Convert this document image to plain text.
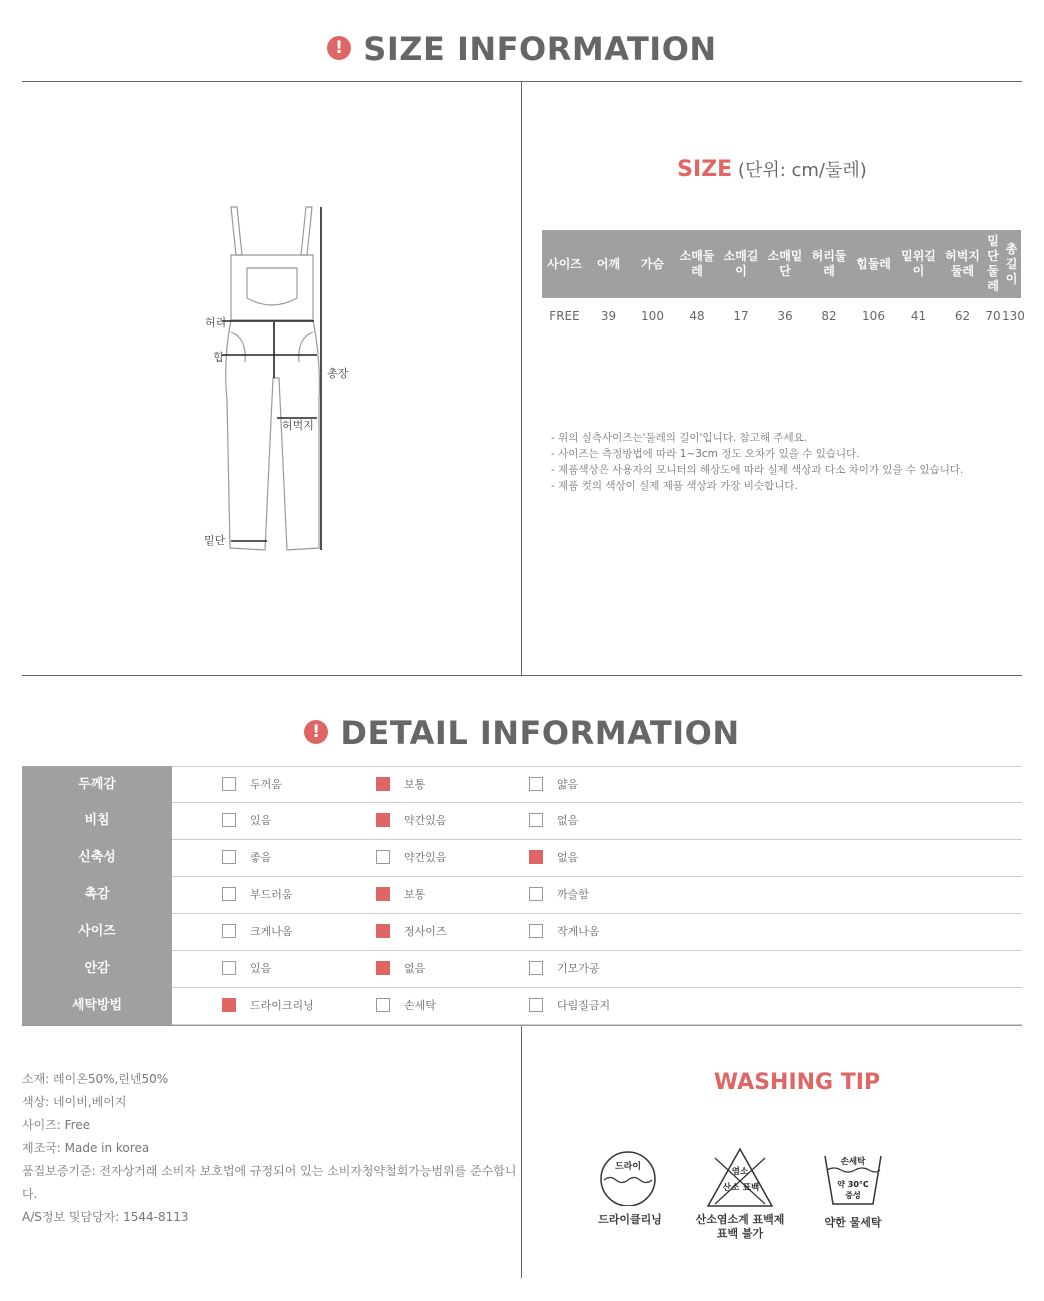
! SIZE INFORMATION
허리
힙
총장
허벅지
밑단
SIZE (단위: cm/둘레)
사이즈	어깨	가슴	소매둘레	소매길이	소매밑단	허리둘레	힙둘레	밑위길이	허벅지둘레	밑단둘레	총길이
FREE	39	100	48	17	36	82	106	41	62	70	130
- 위의 실측사이즈는'둘레의 길이'입니다. 참고해 주세요.
- 사이즈는 측정방법에 따라 1~3cm 정도 오차가 있을 수 있습니다.
- 제품색상은 사용자의 모니터의 해상도에 따라 실제 색상과 다소 차이가 있을 수 있습니다.
- 제품 컷의 색상이 실제 제품 색상과 가장 비슷합니다.
! DETAIL INFORMATION
두께감	두꺼움	보통	얇음
비침	있음	약간있음	없음
신축성	좋음	약간있음	없음
촉감	부드러움	보통	까슬함
사이즈	크게나옴	정사이즈	작게나옴
안감	있음	없음	기모가공
세탁방법	드라이크리닝	손세탁	다림질금지
소재: 레이온50%,린넨50%
색상: 네이비,베이지
사이즈: Free
제조국: Made in korea
품질보증기준: 전자상거래 소비자 보호법에 규정되어 있는 소비자청약철회가능범위를 준수합니다.
A/S정보 및담당자: 1544-8113
WASHING TIP
드라이
드라이클리닝
염소
산소 표백
산소염소계 표백제
표백 불가
손세탁
약 30°C
중성
약한 물세탁
